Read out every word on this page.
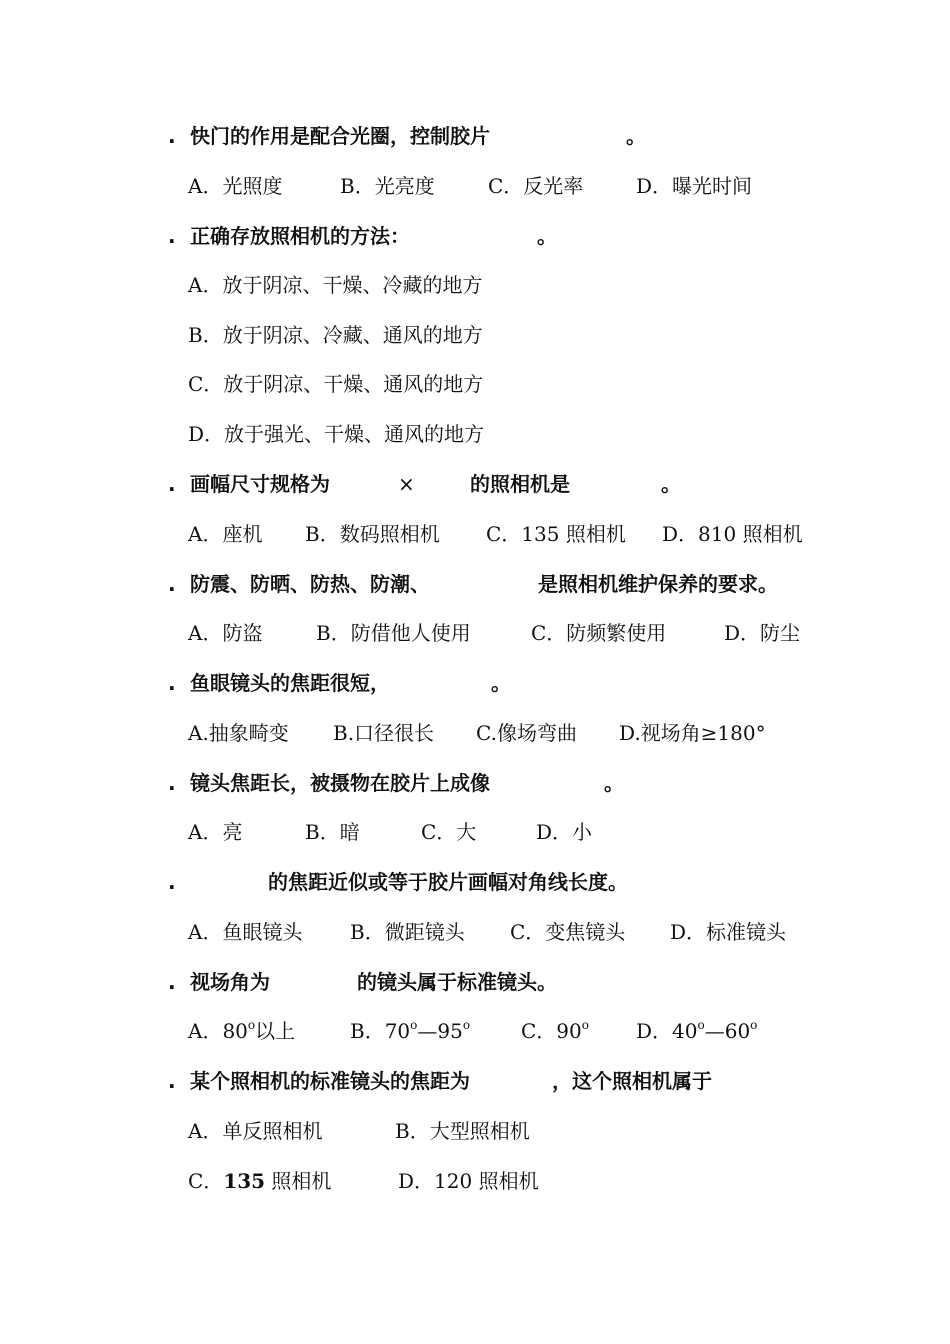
. 快门的作用是配合光圈，控制胶片	。
A．光照度	B．光亮度	C．反光率	D．曝光时间
. 正确存放照相机的方法：	。
A．放于阴凉、干燥、冷藏的地方
B．放于阴凉、冷藏、通风的地方
C．放于阴凉、干燥、通风的地方
D．放于强光、干燥、通风的地方
. 画幅尺寸规格为	×	的照相机是	。
A．座机 B．数码照相机 C．135 照相机 D．810 照相机
. 防震、防晒、防热、防潮、	是照相机维护保养的要求。
A．防盗	B．防借他人使用	C．防频繁使用	D．防尘
. 鱼眼镜头的焦距很短，	。
A.抽象畸变 B.口径很长 C.像场弯曲 D.视场角≥180°
. 镜头焦距长，被摄物在胶片上成像	。
A．亮	B．暗	C．大	D．小
.	的焦距近似或等于胶片画幅对角线长度。
A．鱼眼镜头 B．微距镜头 C．变焦镜头 D．标准镜头
. 视场角为	的镜头属于标准镜头。
A．80$^o$以上	B．70$^o$—95$^o$	C．90$^o$ D．40$^o$—60$^o$
. 某个照相机的标准镜头的焦距为	，这个照相机属于
A．单反照相机	B．大型照相机
C．135 照相机	D．120 照相机
